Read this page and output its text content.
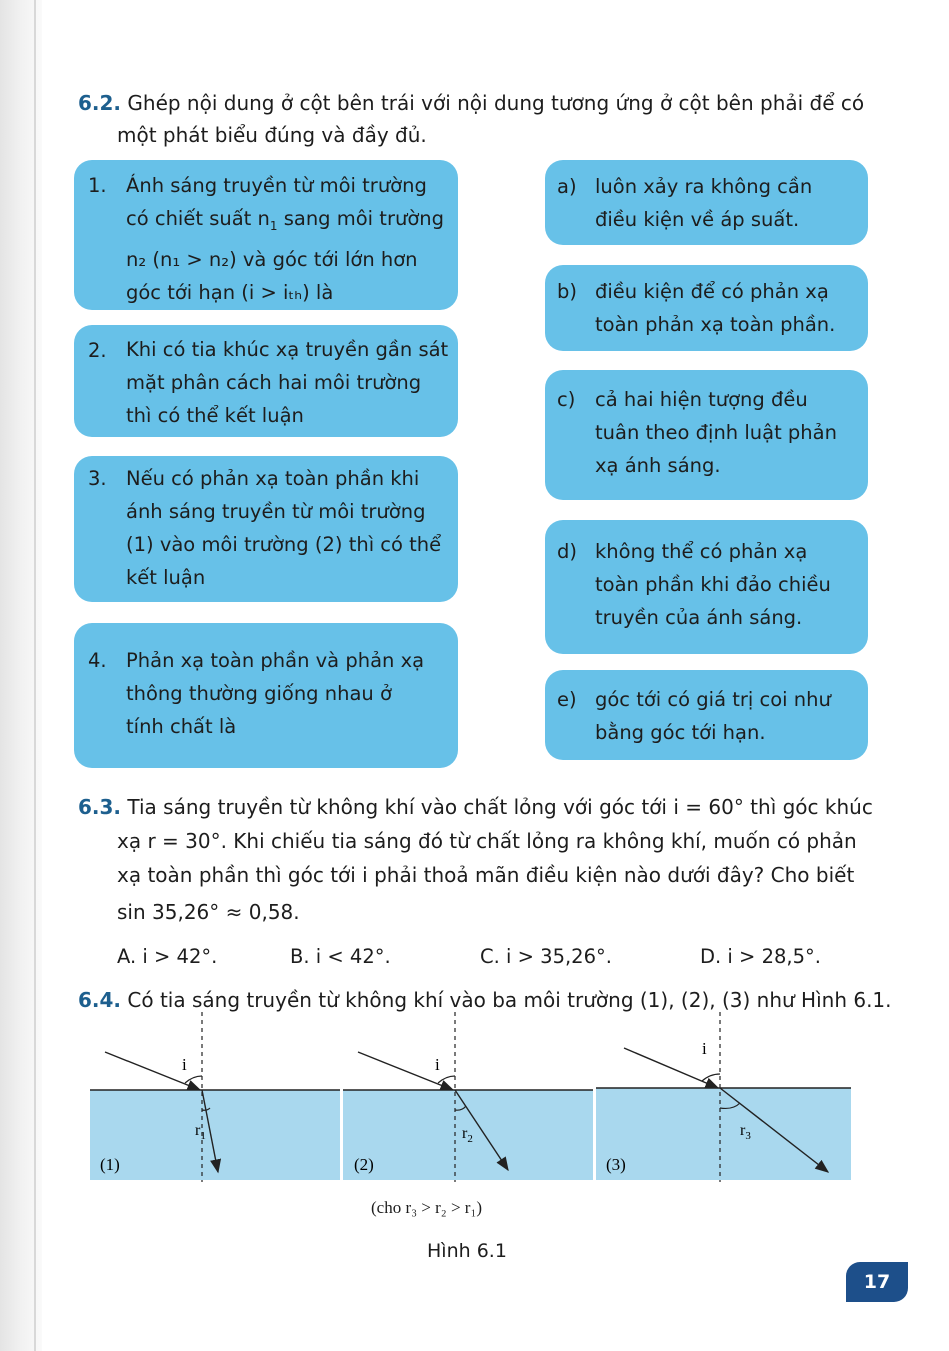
6.2. Ghép nội dung ở cột bên trái với nội dung tương ứng ở cột bên phải để có
một phát biểu đúng và đầy đủ.
1. Ánh sáng truyền từ môi trường
có chiết suất $n_1$ sang môi trường
n₂ (n₁ > n₂) và góc tới lớn hơn
góc tới hạn (i > iₜₕ) là
2. Khi có tia khúc xạ truyền gần sát
mặt phân cách hai môi trường
thì có thể kết luận
3. Nếu có phản xạ toàn phần khi
ánh sáng truyền từ môi trường
(1) vào môi trường (2) thì có thể
kết luận
4. Phản xạ toàn phần và phản xạ
thông thường giống nhau ở
tính chất là
a) luôn xảy ra không cần
điều kiện về áp suất.
b) điều kiện để có phản xạ
toàn phản xạ toàn phần.
c) cả hai hiện tượng đều
tuân theo định luật phản
xạ ánh sáng.
d) không thể có phản xạ
toàn phần khi đảo chiều
truyền của ánh sáng.
e) góc tới có giá trị coi như
bằng góc tới hạn.
6.3. Tia sáng truyền từ không khí vào chất lỏng với góc tới i = 60° thì góc khúc
xạ r = 30°. Khi chiếu tia sáng đó từ chất lỏng ra không khí, muốn có phản
xạ toàn phần thì góc tới i phải thoả mãn điều kiện nào dưới đây? Cho biết
sin 35,26° ≈ 0,58.
A. i > 42°.	B. i < 42°.	C. i > 35,26°.	D. i > 28,5°.
6.4. Có tia sáng truyền từ không khí vào ba môi trường (1), (2), (3) như Hình 6.1.
i
$r_1$
(1)
i
$r_2$
(2)
i
$r_3$
(3)
(cho r₃ > r₂ > r₁)
Hình 6.1
17
